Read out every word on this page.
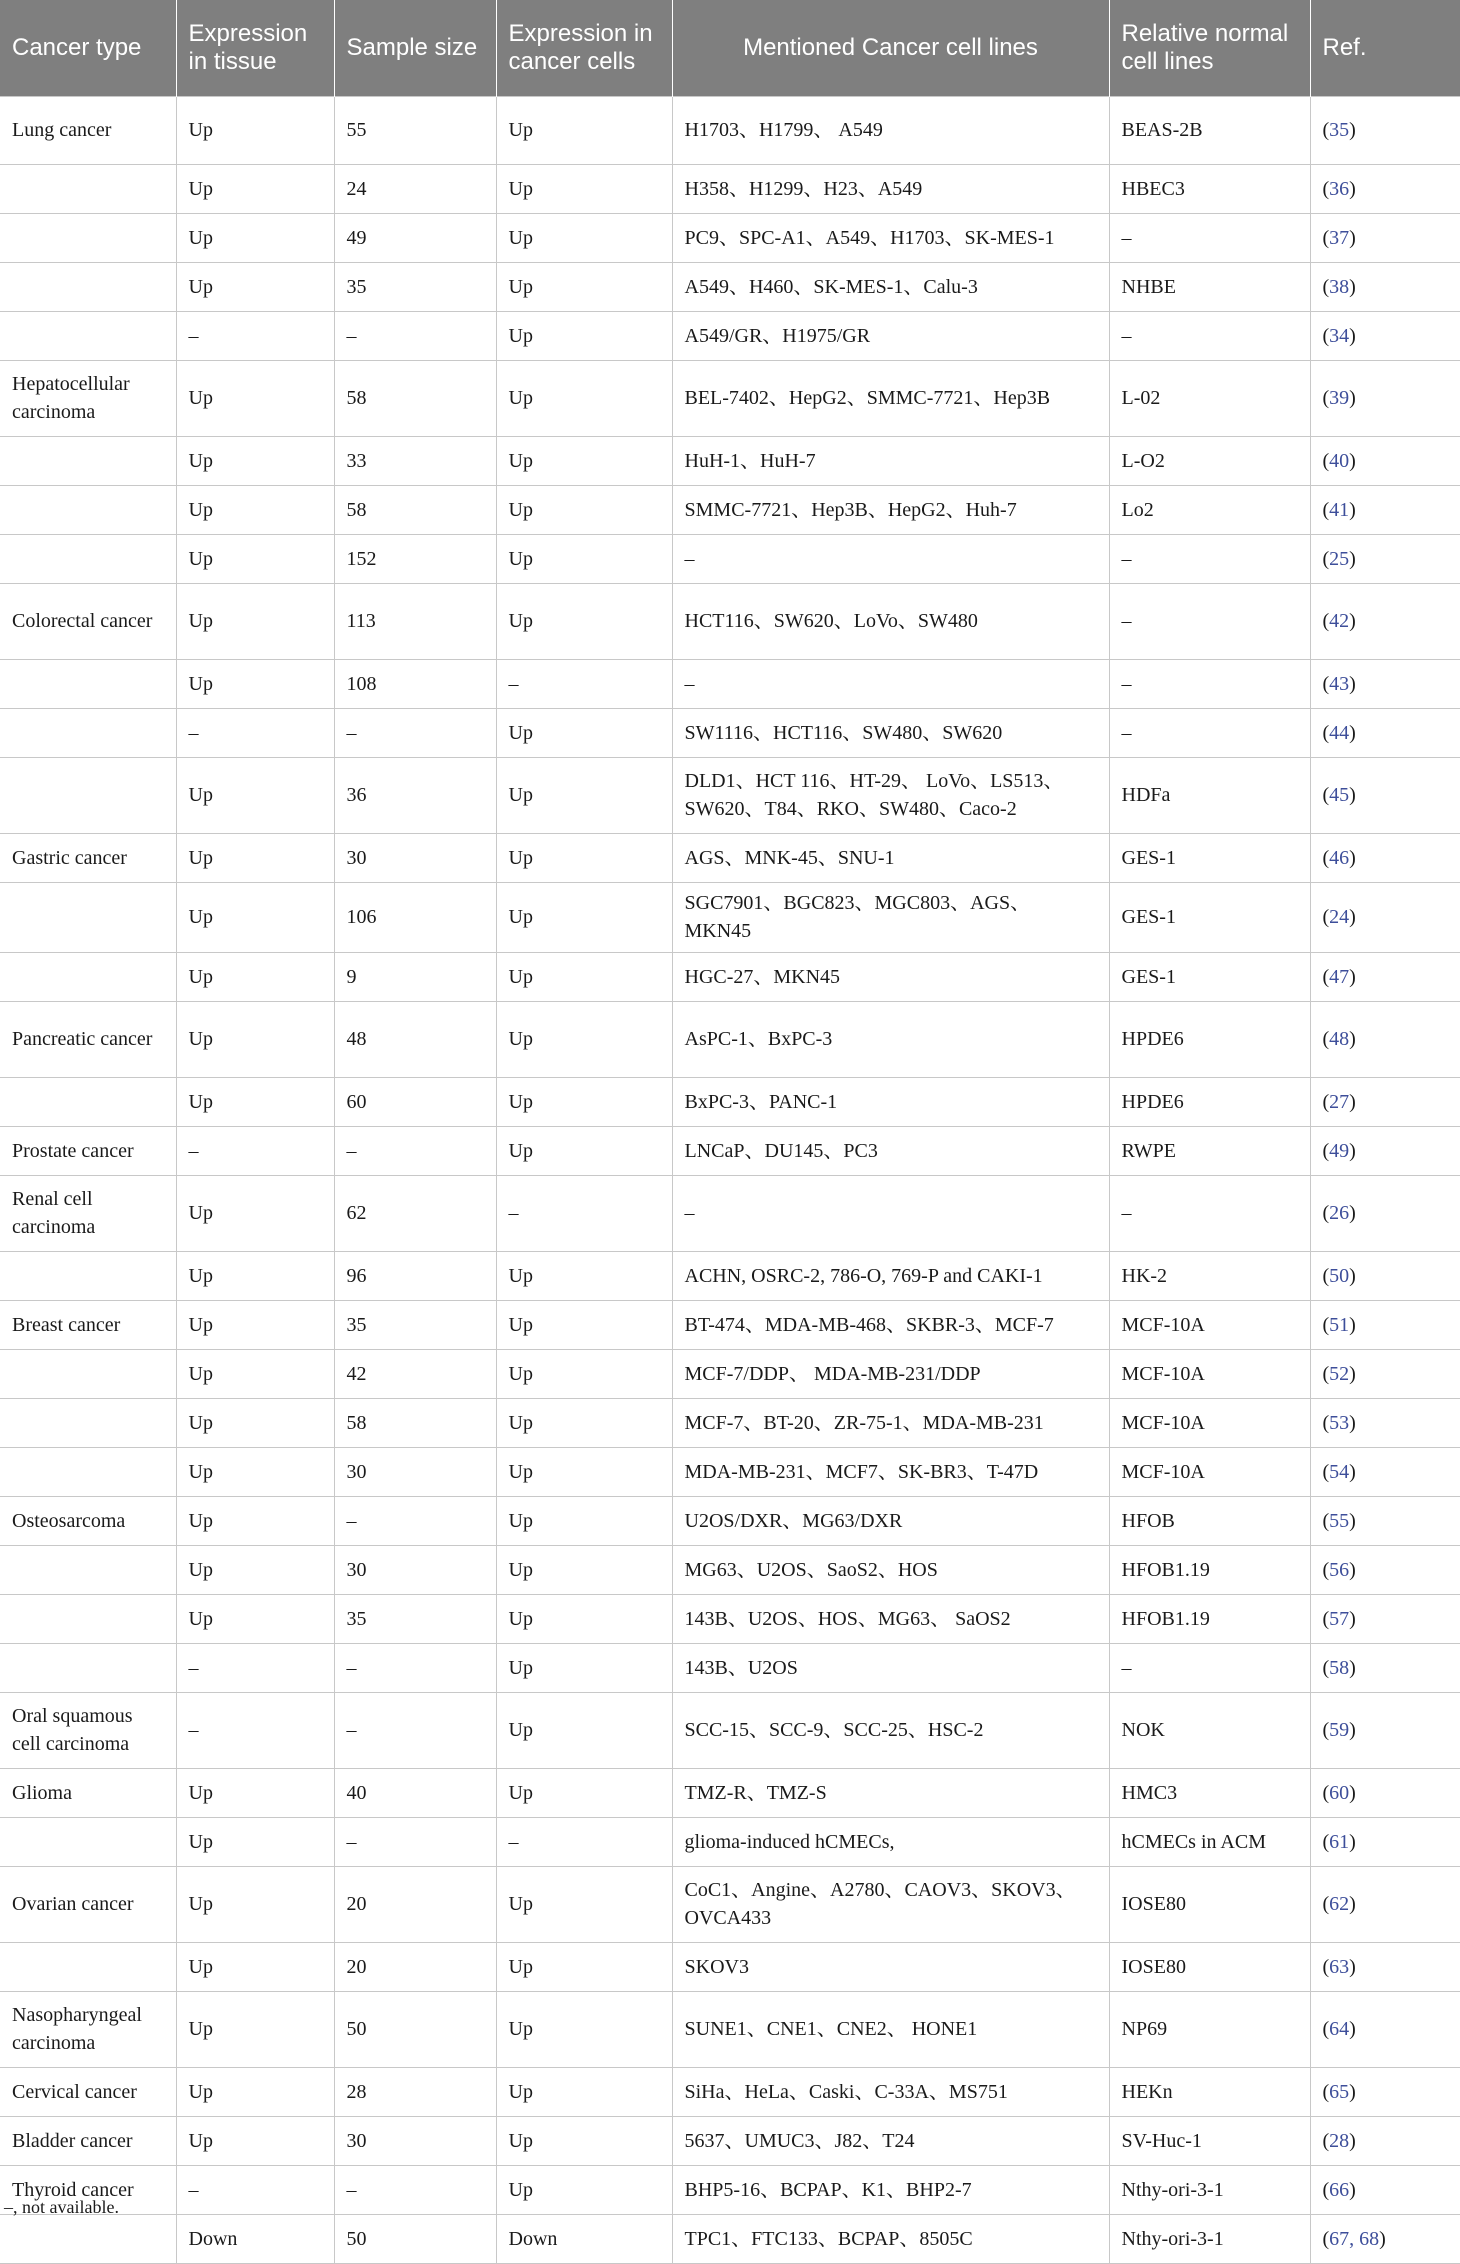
Cancer type	Expression in tissue	Sample size	Expression in cancer cells	Mentioned Cancer cell lines	Relative normal cell lines	Ref.
Lung cancer	Up	55	Up	H1703、H1799、 A549	BEAS-2B	(35)
	Up	24	Up	H358、H1299、H23、A549	HBEC3	(36)
	Up	49	Up	PC9、SPC-A1、A549、H1703、SK-MES-1	–	(37)
	Up	35	Up	A549、H460、SK-MES-1、Calu-3	NHBE	(38)
	–	–	Up	A549/GR、H1975/GR	–	(34)
Hepatocellular carcinoma	Up	58	Up	BEL-7402、HepG2、SMMC-7721、Hep3B	L-02	(39)
	Up	33	Up	HuH-1、HuH-7	L-O2	(40)
	Up	58	Up	SMMC-7721、Hep3B、HepG2、Huh-7	Lo2	(41)
	Up	152	Up	–	–	(25)
Colorectal cancer	Up	113	Up	HCT116、SW620、LoVo、SW480	–	(42)
	Up	108	–	–	–	(43)
	–	–	Up	SW1116、HCT116、SW480、SW620	–	(44)
	Up	36	Up	DLD1、HCT 116、HT-29、 LoVo、LS513、SW620、T84、RKO、SW480、Caco-2	HDFa	(45)
Gastric cancer	Up	30	Up	AGS、MNK-45、SNU-1	GES-1	(46)
	Up	106	Up	SGC7901、BGC823、MGC803、AGS、MKN45	GES-1	(24)
	Up	9	Up	HGC-27、MKN45	GES-1	(47)
Pancreatic cancer	Up	48	Up	AsPC-1、BxPC-3	HPDE6	(48)
	Up	60	Up	BxPC-3、PANC-1	HPDE6	(27)
Prostate cancer	–	–	Up	LNCaP、DU145、PC3	RWPE	(49)
Renal cell carcinoma	Up	62	–	–	–	(26)
	Up	96	Up	ACHN, OSRC-2, 786-O, 769-P and CAKI-1	HK-2	(50)
Breast cancer	Up	35	Up	BT-474、MDA-MB-468、SKBR-3、MCF-7	MCF-10A	(51)
	Up	42	Up	MCF-7/DDP、 MDA-MB-231/DDP	MCF-10A	(52)
	Up	58	Up	MCF-7、BT-20、ZR-75-1、MDA-MB-231	MCF-10A	(53)
	Up	30	Up	MDA-MB-231、MCF7、SK-BR3、T-47D	MCF-10A	(54)
Osteosarcoma	Up	–	Up	U2OS/DXR、MG63/DXR	HFOB	(55)
	Up	30	Up	MG63、U2OS、SaoS2、HOS	HFOB1.19	(56)
	Up	35	Up	143B、U2OS、HOS、MG63、 SaOS2	HFOB1.19	(57)
	–	–	Up	143B、U2OS	–	(58)
Oral squamous cell carcinoma	–	–	Up	SCC-15、SCC-9、SCC-25、HSC-2	NOK	(59)
Glioma	Up	40	Up	TMZ-R、TMZ-S	HMC3	(60)
	Up	–	–	glioma-induced hCMECs,	hCMECs in ACM	(61)
Ovarian cancer	Up	20	Up	CoC1、Angine、A2780、CAOV3、SKOV3、OVCA433	IOSE80	(62)
	Up	20	Up	SKOV3	IOSE80	(63)
Nasopharyngeal carcinoma	Up	50	Up	SUNE1、CNE1、CNE2、 HONE1	NP69	(64)
Cervical cancer	Up	28	Up	SiHa、HeLa、Caski、C-33A、MS751	HEKn	(65)
Bladder cancer	Up	30	Up	5637、UMUC3、J82、T24	SV-Huc-1	(28)
Thyroid cancer	–	–	Up	BHP5-16、BCPAP、K1、BHP2-7	Nthy-ori-3-1	(66)
	Down	50	Down	TPC1、FTC133、BCPAP、8505C	Nthy-ori-3-1	(67, 68)
–, not available.
